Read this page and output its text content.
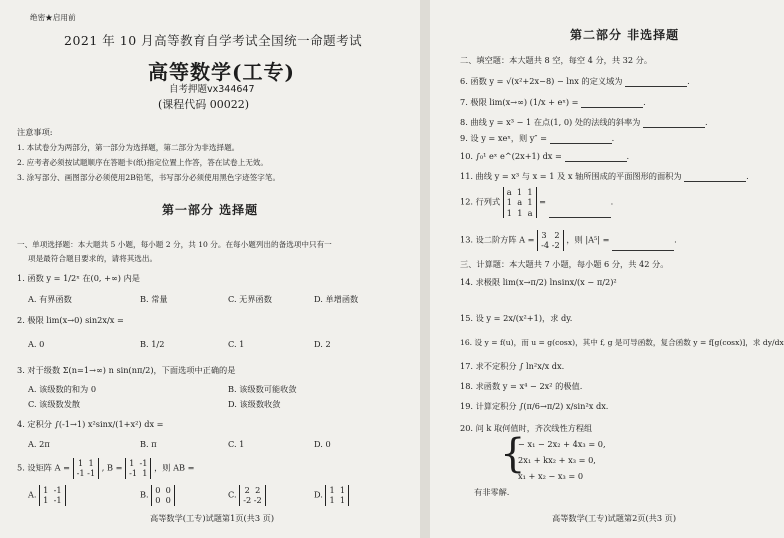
绝密★启用前
2021 年 10 月高等教育自学考试全国统一命题考试
高等数学(工专)
自考押题vx344647
(课程代码 00022)
注意事项:
1. 本试卷分为两部分，第一部分为选择题，第二部分为非选择题。
2. 应考者必须按试题顺序在答题卡(纸)指定位置上作答，答在试卷上无效。
3. 涂写部分、画图部分必须使用2B铅笔，书写部分必须使用黑色字迹签字笔。
第一部分 选择题
一、单项选择题：本大题共 5 小题，每小题 2 分，共 10 分。在每小题列出的备选项中只有一
项是最符合题目要求的，请将其选出。
1. 函数 y = 1/2ˣ 在(0, +∞) 内是
A. 有界函数	B. 常量	C. 无界函数	D. 单增函数
2. 极限 lim(x→0) sin2x/x =
A. 0	B. 1/2	C. 1	D. 2
3. 对于级数 Σ(n=1→∞) n sin(nπ/2)，下面选项中正确的是
A. 该级数的和为 0	B. 该级数可能收敛
C. 该级数发散	D. 该级数收敛
4. 定积分 ∫(-1→1) x²sinx/(1+x²) dx =
A. 2π	B. π	C. 1	D. 0
5. 设矩阵 A = 1 1
-1 -1 , B = 1 -1
-1 1 ，则 AB =
A. 1 -1
1 -1
B. 0 0
0 0
C. 2 2
-2 -2
D. 1 1
1 1
高等数学(工专)试题第1页(共3 页)
第二部分 非选择题
二、填空题：本大题共 8 空，每空 4 分，共 32 分。
6. 函数 y = √(x²+2x−8) − lnx 的定义域为	.
7. 极限 lim(x→∞) (1/x + eˣ) =	.
8. 曲线 y = x³ − 1 在点(1, 0) 处的法线的斜率为	.
9. 设 y = xeˣ，则 y″ =	.
10. ∫₀¹ eˣ e^(2x+1) dx =	.
11. 曲线 y = x³ 与 x = 1 及 x 轴所围成的平面图形的面积为	.
12. 行列式 a 1 1
1 a 1
1 1 a =	.
13. 设二阶方阵 A = 3 2
-4 -2 ，则 |A⁵| =	.
三、计算题：本大题共 7 小题，每小题 6 分，共 42 分。
14. 求极限 lim(x→π/2) lnsinx/(x − π/2)²
15. 设 y = 2x/(x²+1)，求 dy.
16. 设 y = f(u)，而 u = g(cosx)，其中 f, g 是可导函数，复合函数 y = f[g(cosx)]，求 dy/dx
17. 求不定积分 ∫ ln²x/x dx.
18. 求函数 y = x⁴ − 2x² 的极值.
19. 计算定积分 ∫(π/6→π/2) x/sin²x dx.
20. 问 k 取何值时，齐次线性方程组
{
− x₁ − 2x₂ + 4x₃ = 0,
2x₁ + kx₂ + x₃ = 0,
x₁ + x₂ − x₃ = 0
有非零解.
高等数学(工专)试题第2页(共3 页)
